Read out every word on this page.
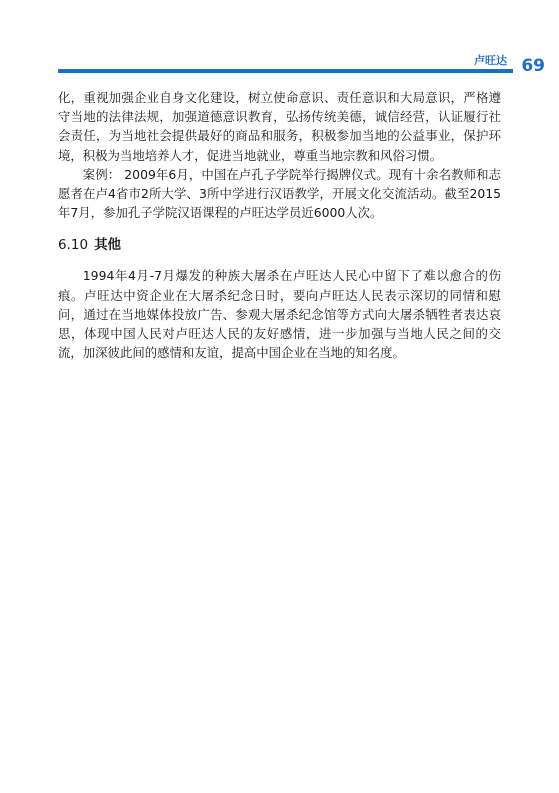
卢旺达 69

化，重视加强企业自身文化建设，树立使命意识、责任意识和大局意识，严格遵守当地的法律法规，加强道德意识教育，弘扬传统美德，诚信经营，认证履行社会责任，为当地社会提供最好的商品和服务，积极参加当地的公益事业，保护环境，积极为当地培养人才，促进当地就业，尊重当地宗教和风俗习惯。

案例： 2009年6月，中国在卢孔子学院举行揭牌仪式。现有十余名教师和志愿者在卢4省市2所大学、3所中学进行汉语教学，开展文化交流活动。截至2015年7月，参加孔子学院汉语课程的卢旺达学员近6000人次。

6.10 其他

1994年4月-7月爆发的种族大屠杀在卢旺达人民心中留下了难以愈合的伤痕。卢旺达中资企业在大屠杀纪念日时，要向卢旺达人民表示深切的同情和慰问，通过在当地媒体投放广告、参观大屠杀纪念馆等方式向大屠杀牺牲者表达哀思，体现中国人民对卢旺达人民的友好感情，进一步加强与当地人民之间的交流，加深彼此间的感情和友谊，提高中国企业在当地的知名度。
